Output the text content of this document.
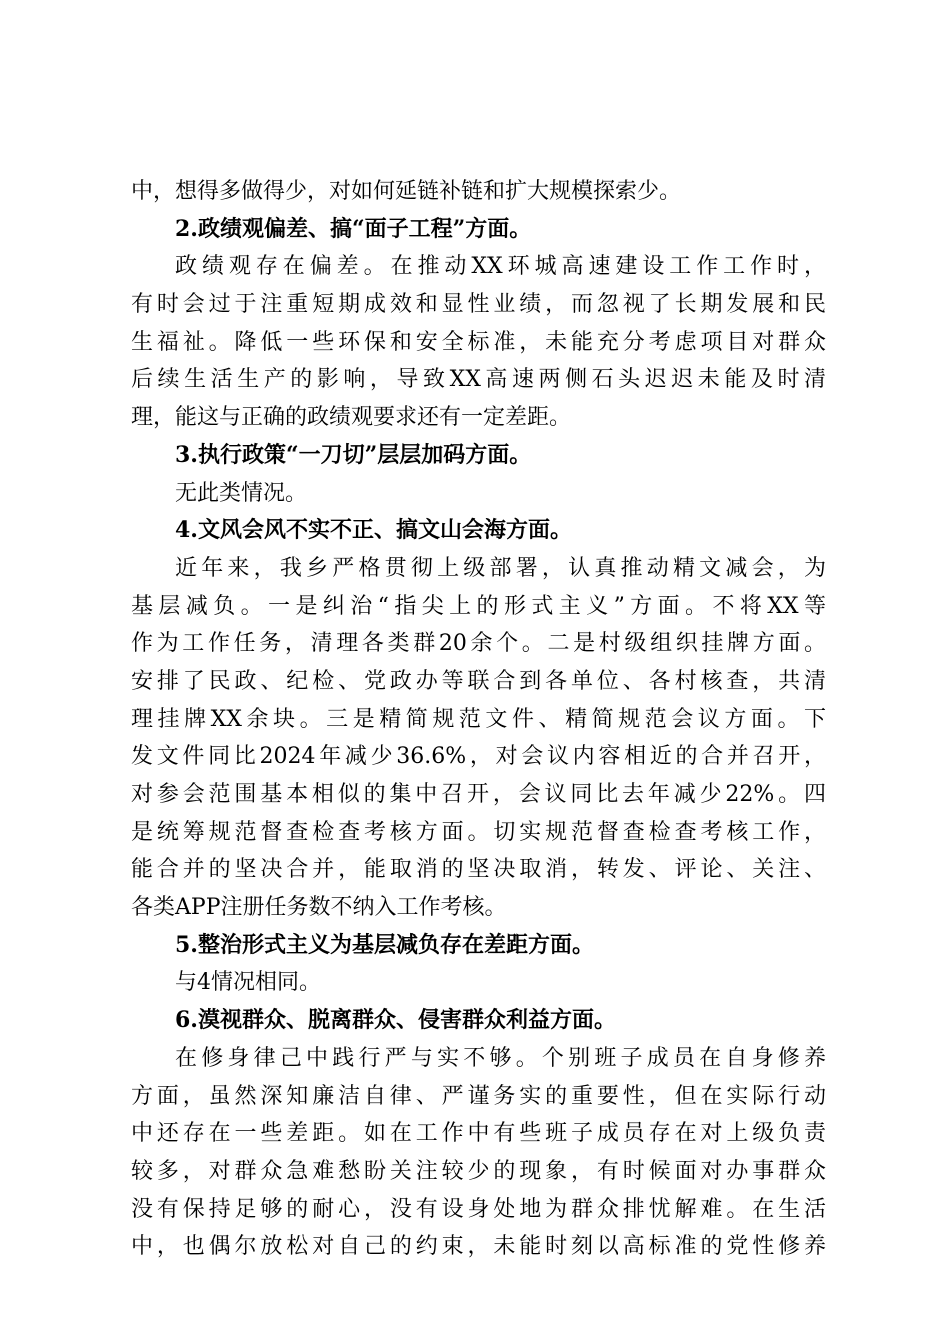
中，想得多做得少，对如何延链补链和扩大规模探索少。
2.政绩观偏差、搞“面子工程”方面。
政绩观存在偏差。在推动XX环城高速建设工作工作时，
有时会过于注重短期成效和显性业绩，而忽视了长期发展和民
生福祉。降低一些环保和安全标准，未能充分考虑项目对群众
后续生活生产的影响，导致XX高速两侧石头迟迟未能及时清
理，能这与正确的政绩观要求还有一定差距。
3.执行政策“一刀切”层层加码方面。
无此类情况。
4.文风会风不实不正、搞文山会海方面。
近年来，我乡严格贯彻上级部署，认真推动精文减会，为
基层减负。一是纠治“指尖上的形式主义”方面。不将XX等
作为工作任务，清理各类群20余个。二是村级组织挂牌方面。
安排了民政、纪检、党政办等联合到各单位、各村核查，共清
理挂牌XX余块。三是精简规范文件、精简规范会议方面。下
发文件同比2024年减少36.6%，对会议内容相近的合并召开，
对参会范围基本相似的集中召开，会议同比去年减少22%。四
是统筹规范督查检查考核方面。切实规范督查检查考核工作，
能合并的坚决合并，能取消的坚决取消，转发、评论、关注、
各类APP注册任务数不纳入工作考核。
5.整治形式主义为基层减负存在差距方面。
与4情况相同。
6.漠视群众、脱离群众、侵害群众利益方面。
在修身律己中践行严与实不够。个别班子成员在自身修养
方面，虽然深知廉洁自律、严谨务实的重要性，但在实际行动
中还存在一些差距。如在工作中有些班子成员存在对上级负责
较多，对群众急难愁盼关注较少的现象，有时候面对办事群众
没有保持足够的耐心，没有设身处地为群众排忧解难。在生活
中，也偶尔放松对自己的约束，未能时刻以高标准的党性修养
